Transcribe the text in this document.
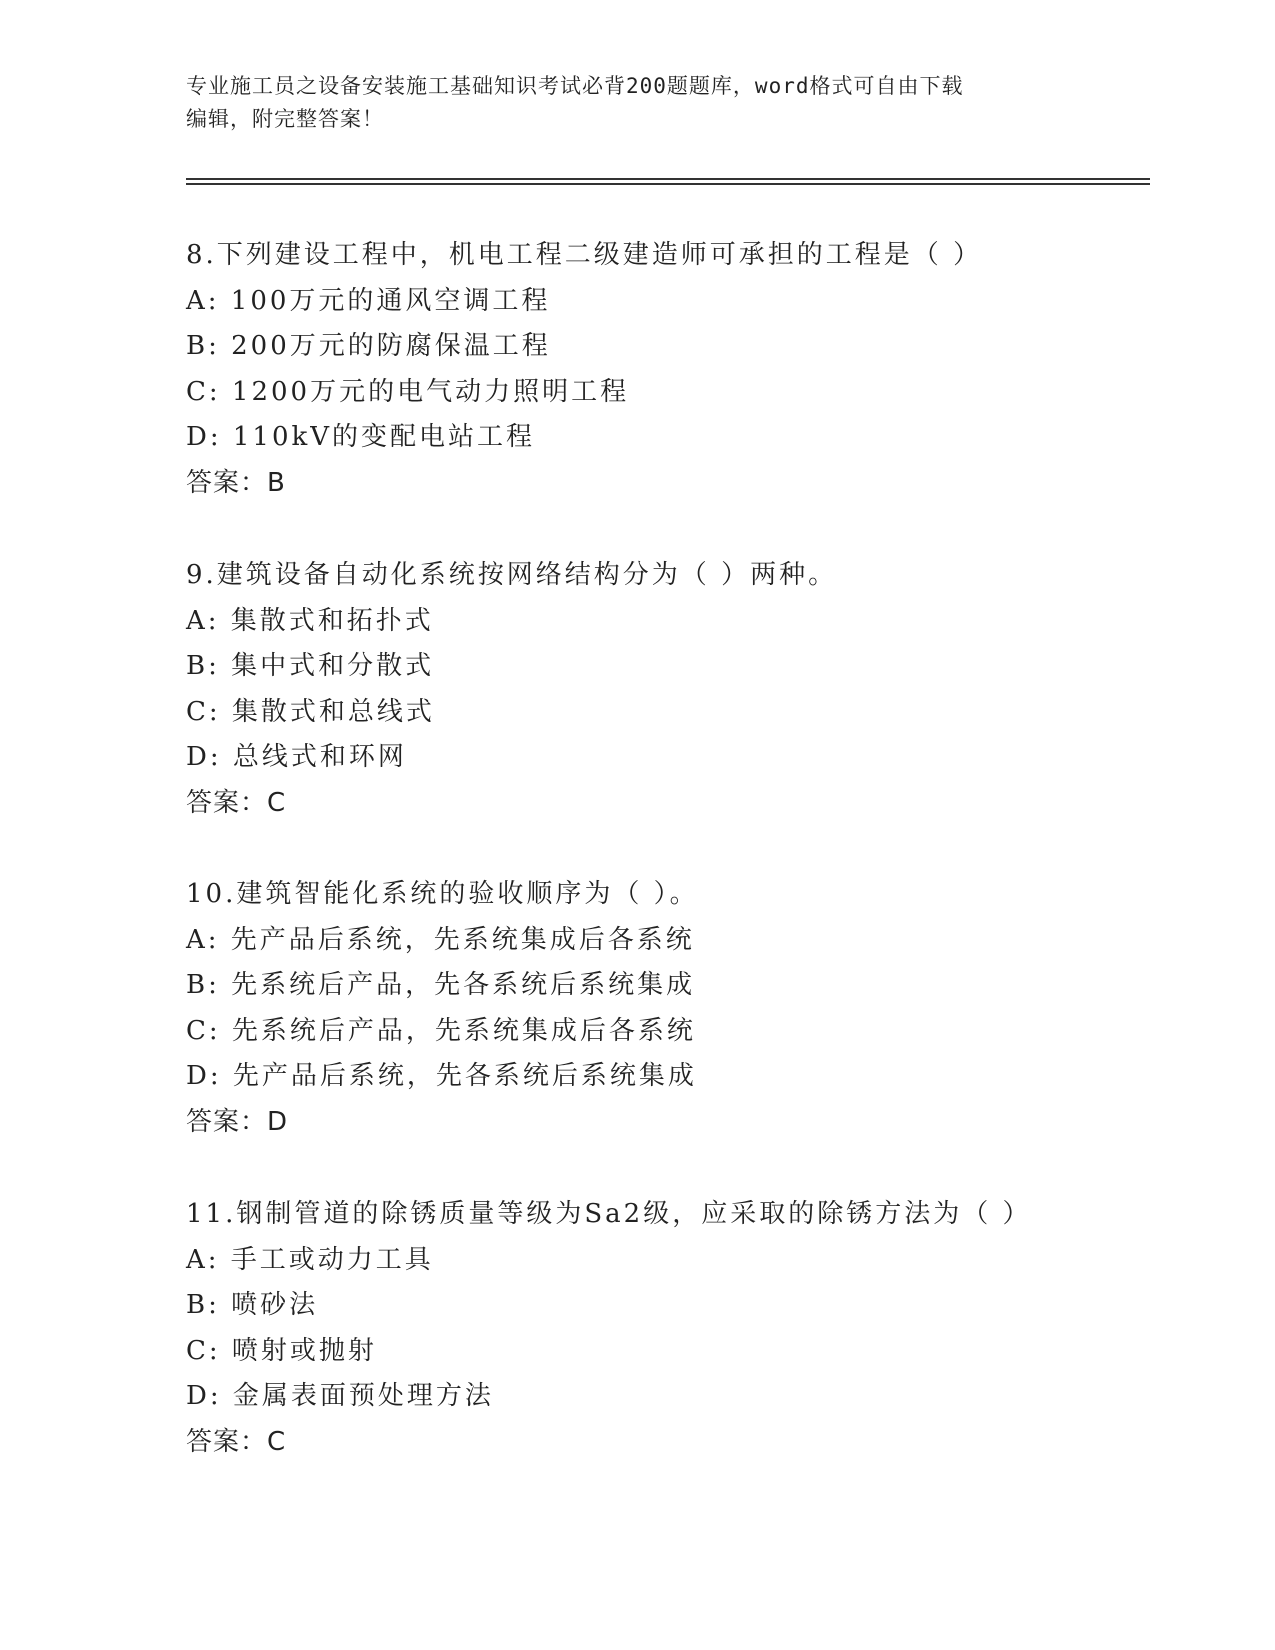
专业施工员之设备安装施工基础知识考试必背200题题库，word格式可自由下载
编辑，附完整答案！
8.下列建设工程中，机电工程二级建造师可承担的工程是（ ）
A: 100万元的通风空调工程
B: 200万元的防腐保温工程
C: 1200万元的电气动力照明工程
D: 110kV的变配电站工程
答案：B
9.建筑设备自动化系统按网络结构分为（ ）两种。
A: 集散式和拓扑式
B: 集中式和分散式
C: 集散式和总线式
D: 总线式和环网
答案：C
10.建筑智能化系统的验收顺序为（ ）。
A: 先产品后系统，先系统集成后各系统
B: 先系统后产品，先各系统后系统集成
C: 先系统后产品，先系统集成后各系统
D: 先产品后系统，先各系统后系统集成
答案：D
11.钢制管道的除锈质量等级为Sa2级，应采取的除锈方法为（ ）
A: 手工或动力工具
B: 喷砂法
C: 喷射或抛射
D: 金属表面预处理方法
答案：C
